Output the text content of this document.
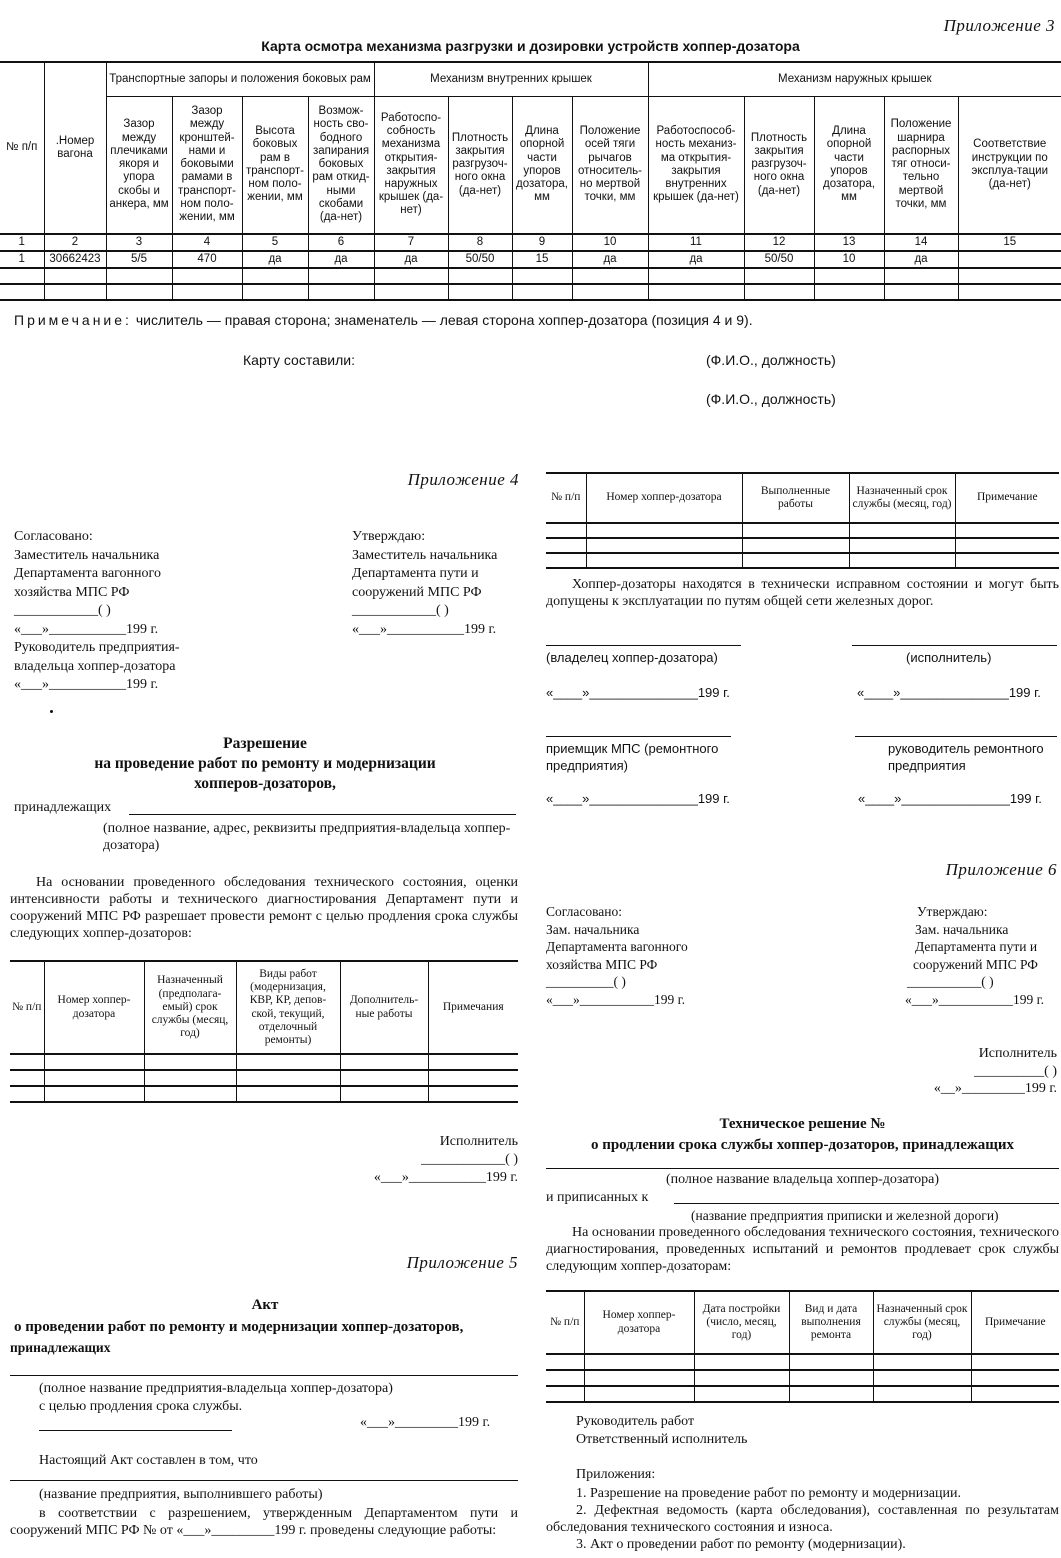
Приложение 3
Карта осмотра механизма разгрузки и дозировки устройств хоппер-дозатора
№ п/п	.Номер вагона	Транспортные запоры и положения боковых рам				Механизм внутренних крышек				Механизм наружных крышек				
		Зазор между плечиками якоря и упора скобы и анкера, мм	Зазор между кронштей-нами и боковыми рамами в транспорт-ном поло-жении, мм	Высота боковых рам в транспорт-ном поло-жении, мм	Возмож-ность сво-бодного запирания боковых рам откид-ными скобами (да-нет)	Работоспо-собность механизма открытия-закрытия наружных крышек (да-нет)	Плотность закрытия разгрузоч-ного окна (да-нет)	Длина опорной части упоров дозатора, мм	Положение осей тяги рычагов относитель-но мертвой точки, мм	Работоспособ-ность механиз-ма открытия-закрытия внутренних крышек (да-нет)	Плотность закрытия разгрузоч-ного окна (да-нет)	Длина опорной части упоров дозатора, мм	Положение шарнира распорных тяг относи-тельно мертвой точки, мм	Соответствие инструкции по эксплуа-тации (да-нет)
1	2	3	4	5	6	7	8	9	10	11	12	13	14	15
1	30662423	5/5	470	да	да	да	50/50	15	да	да	50/50	10	да	

Примечание: числитель — правая сторона; знаменатель — левая сторона хоппер-дозатора (позиция 4 и 9).
Карту составили:	(Ф.И.О., должность)
(Ф.И.О., должность)
Приложение 4
Согласовано:
Заместитель начальника
Департамента вагонного
хозяйства МПС РФ
____________( )
«___»___________199 г.
Руководитель предприятия-
владельца хоппер-дозатора
«___»___________199 г.
Утверждаю:
Заместитель начальника
Департамента пути и
сооружений МПС РФ
____________( )
«___»___________199 г.
Разрешение
на проведение работ по ремонту и модернизации
хопперов-дозаторов,
принадлежащих
(полное название, адрес, реквизиты предприятия-владельца хоппер-дозатора)
На основании проведенного обследования технического состояния, оценки интенсивности работы и технического диагностирования Департамент пути и сооружений МПС РФ разрешает провести ремонт с целью продления срока службы следующих хоппер-дозаторов:
№ п/п	Номер хоппер-дозатора	Назначенный (предполага-емый) срок службы (месяц, год)	Виды работ (модернизация, КВР, КР, депов-ской, текущий, отделочный ремонты)	Дополнитель-ные работы	Примечания

Исполнитель
____________( )
«___»___________199 г.
Приложение 5
Акт
о проведении работ по ремонту и модернизации хоппер-дозаторов,
принадлежащих
(полное название предприятия-владельца хоппер-дозатора)
с целью продления срока службы.
«___»_________199 г.
Настоящий Акт составлен в том, что
(название предприятия, выполнившего работы)
в соответствии с разрешением, утвержденным Департаментом пути и сооружений МПС РФ № от «___»_________199 г. проведены следующие работы:
№ п/п	Номер хоппер-дозатора	Выполненные работы	Назначенный срок службы (месяц, год)	Примечание

Хоппер-дозаторы находятся в технически исправном состоянии и могут быть допущены к эксплуатации по путям общей сети железных дорог.
(владелец хоппер-дозатора)
«____»_______________199 г.
(исполнитель)
«____»_______________199 г.
приемщик МПС (ремонтного предприятия)
«____»_______________199 г.
руководитель ремонтного предприятия
«____»_______________199 г.
Приложение 6
Согласовано:
Зам. начальника
Департамента вагонного
хозяйства МПС РФ
__________( )
«___»___________199 г.
Утверждаю:
Зам. начальника
Департамента пути и
сооружений МПС РФ
___________( )
«___»___________199 г.
Исполнитель
__________( )
«__»_________199 г.
Техническое решение №
о продлении срока службы хоппер-дозаторов, принадлежащих
(полное название владельца хоппер-дозатора)
и приписанных к
(название предприятия приписки и железной дороги)
На основании проведенного обследования технического состояния, технического диагностирования, проведенных испытаний и ремонтов продлевает срок службы следующим хоппер-дозаторам:
№ п/п	Номер хоппер-дозатора	Дата постройки (число, месяц, год)	Вид и дата выполнения ремонта	Назначенный срок службы (месяц, год)	Примечание

Руководитель работ
Ответственный исполнитель
Приложения:
1. Разрешение на проведение работ по ремонту и модернизации.
2. Дефектная ведомость (карта обследования), составленная по результатам обследования технического состояния и износа.
3. Акт о проведении работ по ремонту (модернизации).
